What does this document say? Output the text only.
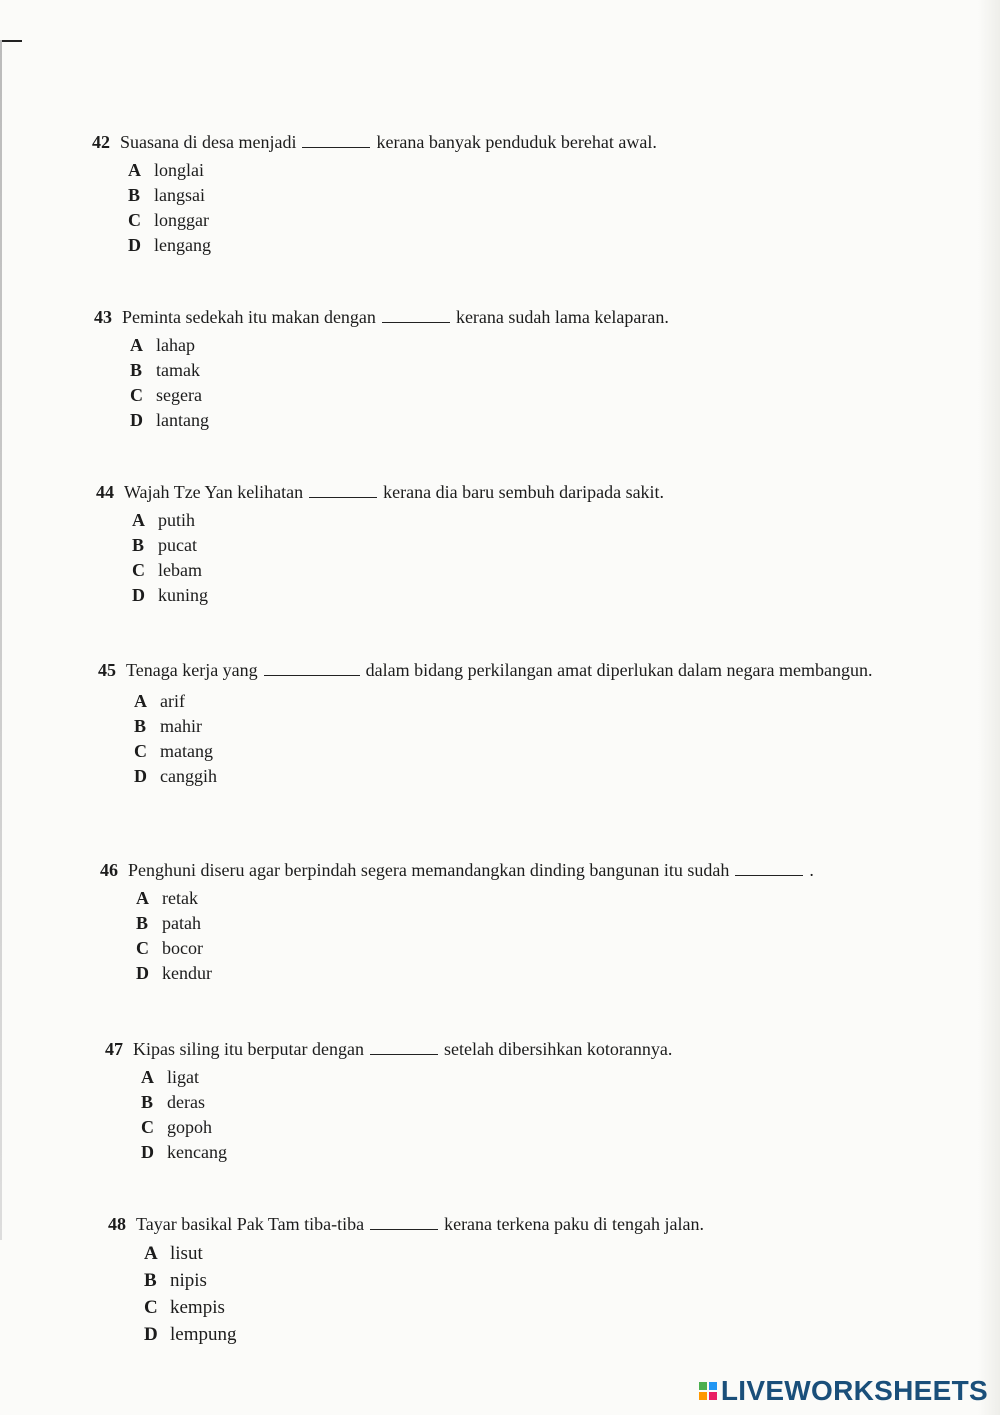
42 Suasana di desa menjadi	kerana banyak penduduk berehat awal.
A longlai
B langsai
C longgar
D lengang
43 Peminta sedekah itu makan dengan	kerana sudah lama kelaparan.
A lahap
B tamak
C segera
D lantang
44 Wajah Tze Yan kelihatan	kerana dia baru sembuh daripada sakit.
A putih
B pucat
C lebam
D kuning
45 Tenaga kerja yang	dalam bidang perkilangan amat diperlukan dalam negara membangun.
A arif
B mahir
C matang
D canggih
46 Penghuni diseru agar berpindah segera memandangkan dinding bangunan itu sudah	.
A retak
B patah
C bocor
D kendur
47 Kipas siling itu berputar dengan	setelah dibersihkan kotorannya.
A ligat
B deras
C gopoh
D kencang
48 Tayar basikal Pak Tam tiba-tiba	kerana terkena paku di tengah jalan.
A lisut
B nipis
C kempis
D lempung
LIVEWORKSHEETS
